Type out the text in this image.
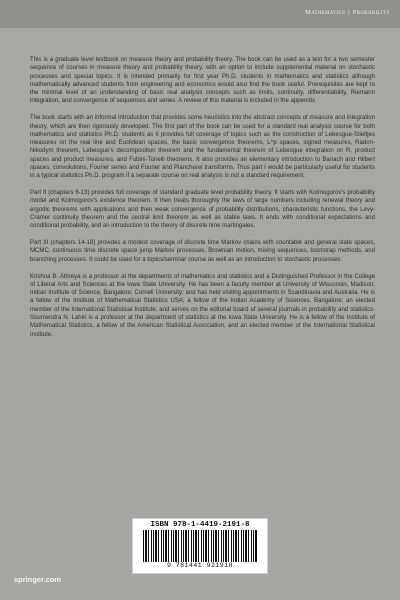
Mathematics | Probability

This is a graduate level textbook on measure theory and probability theory. The book can be used as a text for a two semester sequence of courses in measure theory and probability theory, with an option to include supplemental material on stochastic processes and special topics. It is intended primarily for first year Ph.D. students in mathematics and statistics although mathematically advanced students from engineering and economics would also find the book useful. Prerequisites are kept to the minimal level of an understanding of basic real analysis concepts such as limits, continuity, differentiability, Riemann integration, and convergence of sequences and series. A review of this material is included in the appendix.

The book starts with an informal introduction that provides some heuristics into the abstract concepts of measure and integration theory, which are then rigorously developed. The first part of the book can be used for a standard real analysis course for both mathematics and statistics Ph.D. students as it provides full coverage of topics such as the construction of Lebesgue-Stieltjes measures on the real line and Euclidean spaces, the basic convergence theorems, L^p spaces, signed measures, Radon-Nikodym theorem, Lebesgue's decomposition theorem and the fundamental theorem of Lebesgue integration on R, product spaces and product measures, and Fubini-Tonelli theorems. It also provides an elementary introduction to Banach and Hilbert spaces, convolutions, Fourier series and Fourier and Plancherel transforms. Thus part I would be particularly useful for students in a typical statistics Ph.D. program if a separate course on real analysis is not a standard requirement.

Part II (chapters 6-13) provides full coverage of standard graduate level probability theory. It starts with Kolmogorov's probability model and Kolmogorov's existence theorem. It then treats thoroughly the laws of large numbers including renewal theory and ergodic theorems with applications and then weak convergence of probability distributions, characteristic functions, the Levy-Cramer continuity theorem and the central limit theorem as well as stable laws. It ends with conditional expectations and conditional probability, and an introduction to the theory of discrete time martingales.

Part III (chapters 14-18) provides a modest coverage of discrete time Markov chains with countable and general state spaces, MCMC, continuous time discrete space jump Markov processes, Brownian motion, mixing sequences, bootstrap methods, and branching processes. It could be used for a topics/seminar course as well as an introduction to stochastic processes.

Krishna B. Athreya is a professor at the departments of mathematics and statistics and a Distinguished Professor in the College of Liberal Arts and Sciences at the Iowa State University. He has been a faculty member at University of Wisconsin, Madison; Indian Institute of Science, Bangalore; Cornell University; and has held visiting appointments in Scandinavia and Australia. He is a fellow of the Institute of Mathematical Statistics USA; a fellow of the Indian Academy of Sciences, Bangalore; an elected member of the International Statistical Institute; and serves on the editorial board of several journals in probability and statistics. Soumendra N. Lahiri is a professor at the department of statistics at the Iowa State University. He is a fellow of the Institute of Mathematical Statistics, a fellow of the American Statistical Association, and an elected member of the International Statistical Institute.

ISBN 978-1-4419-2191-8
9 781441 921918
springer.com
